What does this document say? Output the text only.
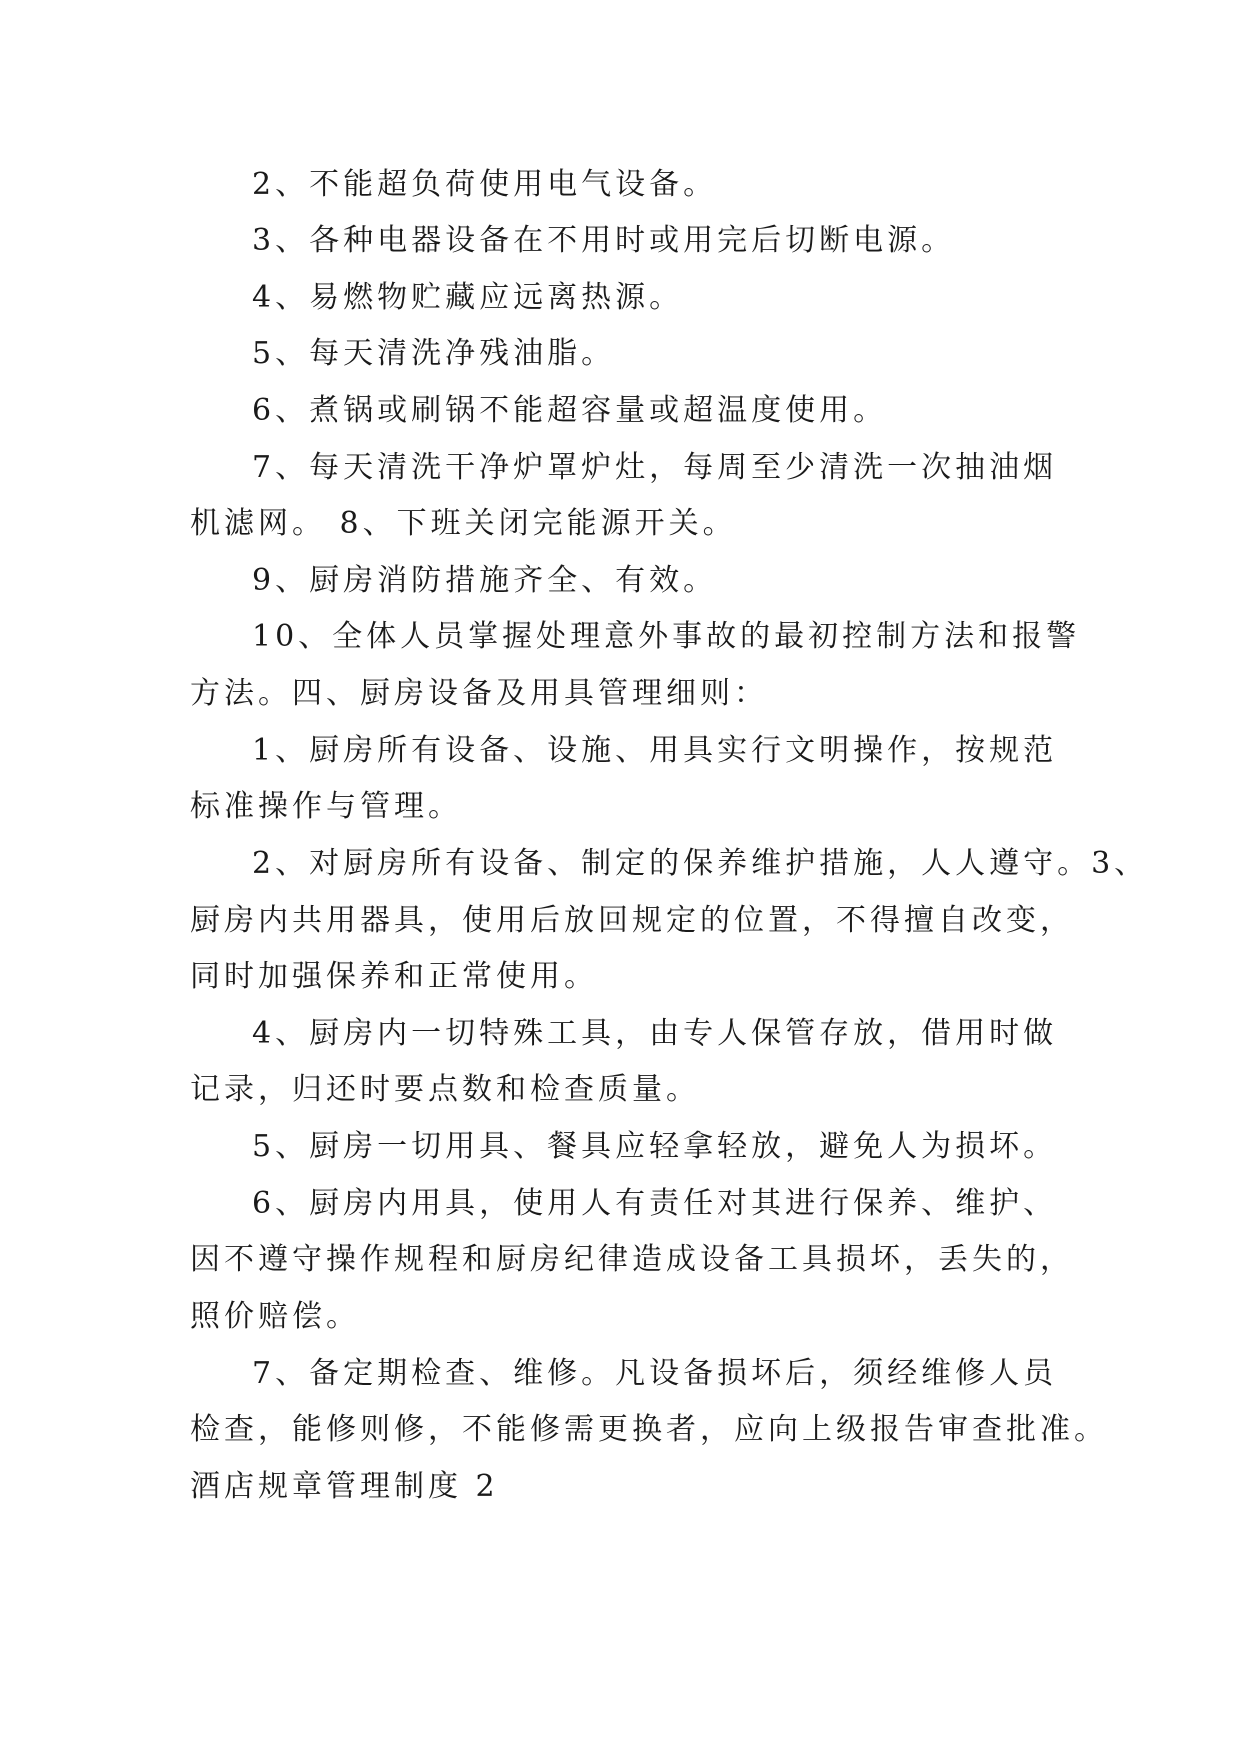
2、不能超负荷使用电气设备。
3、各种电器设备在不用时或用完后切断电源。
4、易燃物贮藏应远离热源。
5、每天清洗净残油脂。
6、煮锅或刷锅不能超容量或超温度使用。
7、每天清洗干净炉罩炉灶，每周至少清洗一次抽油烟
机滤网。 8、下班关闭完能源开关。
9、厨房消防措施齐全、有效。
10、全体人员掌握处理意外事故的最初控制方法和报警
方法。四、厨房设备及用具管理细则：
1、厨房所有设备、设施、用具实行文明操作，按规范
标准操作与管理。
2、对厨房所有设备、制定的保养维护措施，人人遵守。3、
厨房内共用器具，使用后放回规定的位置，不得擅自改变，
同时加强保养和正常使用。
4、厨房内一切特殊工具，由专人保管存放，借用时做
记录，归还时要点数和检查质量。
5、厨房一切用具、餐具应轻拿轻放，避免人为损坏。
6、厨房内用具，使用人有责任对其进行保养、维护、
因不遵守操作规程和厨房纪律造成设备工具损坏，丢失的，
照价赔偿。
7、备定期检查、维修。凡设备损坏后，须经维修人员
检查，能修则修，不能修需更换者，应向上级报告审查批准。
酒店规章管理制度 2
